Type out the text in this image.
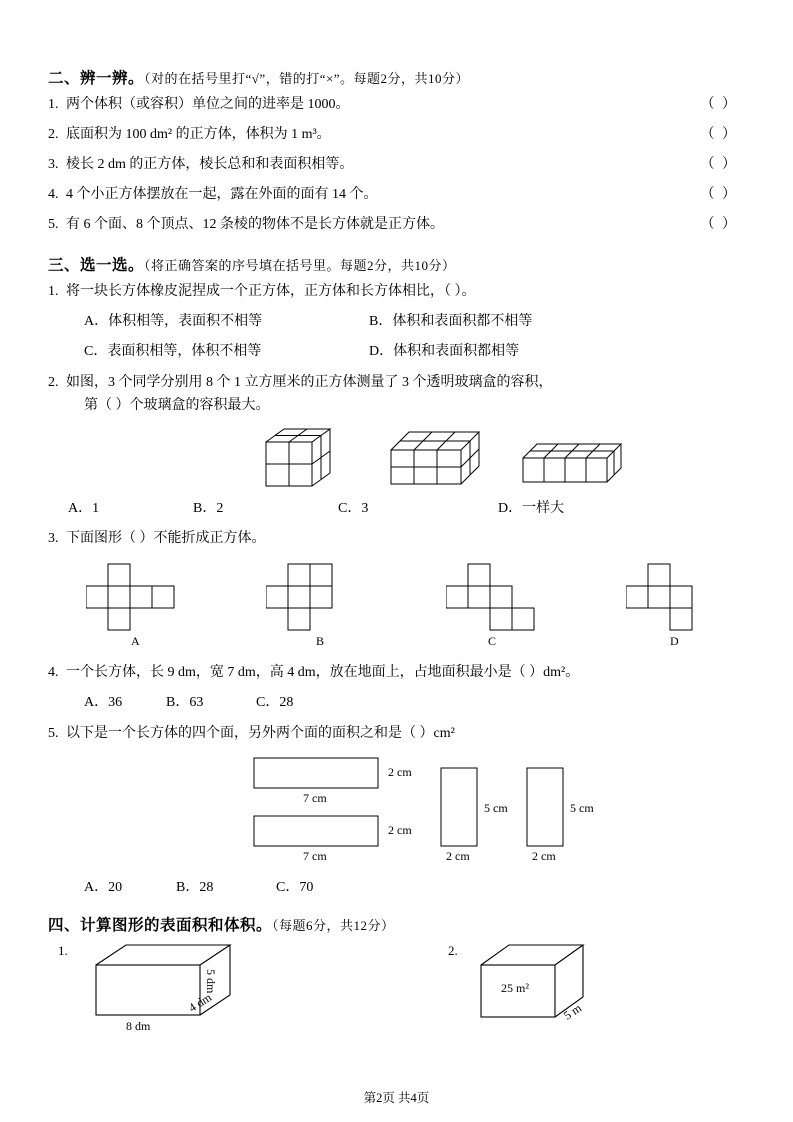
二、辨一辨。（对的在括号里打“√”，错的打“×”。每题2分，共10分）
1.	（ ）
两个体积（或容积）单位之间的进率是 1000。
2.	（ ）
底面积为 100 dm² 的正方体，体积为 1 m³。
3.	（ ）
棱长 2 dm 的正方体，棱长总和和表面积相等。
4.	（ ）
4 个小正方体摆放在一起，露在外面的面有 14 个。
5.	（ ）
有 6 个面、8 个顶点、12 条棱的物体不是长方体就是正方体。
三、选一选。（将正确答案的序号填在括号里。每题2分，共10分）
1. 将一块长方体橡皮泥捏成一个正方体，正方体和长方体相比，（ ）。
A．体积相等，表面积不相等	B．体积和表面积都不相等
C．表面积相等，体积不相等	D．体积和表面积都相等
2. 如图，3 个同学分别用 8 个 1 立方厘米的正方体测量了 3 个透明玻璃盒的容积，
第（ ）个玻璃盒的容积最大。
A．1	B．2	C．3	D．一样大
3. 下面图形（ ）不能折成正方体。
A	B	C	D
4. 一个长方体，长 9 dm，宽 7 dm，高 4 dm，放在地面上，占地面积最小是（ ）dm²。
A．36	B．63	C．28
5. 以下是一个长方体的四个面，另外两个面的面积之和是（ ）cm²
7 cm
2 cm
7 cm
2 cm
2 cm
5 cm
2 cm
5 cm
A．20	B．28	C．70
四、计算图形的表面积和体积。（每题6分，共12分）
1.
8 dm
5 dm
4 dm
2.
25 m²
5 m
第2页 共4页
